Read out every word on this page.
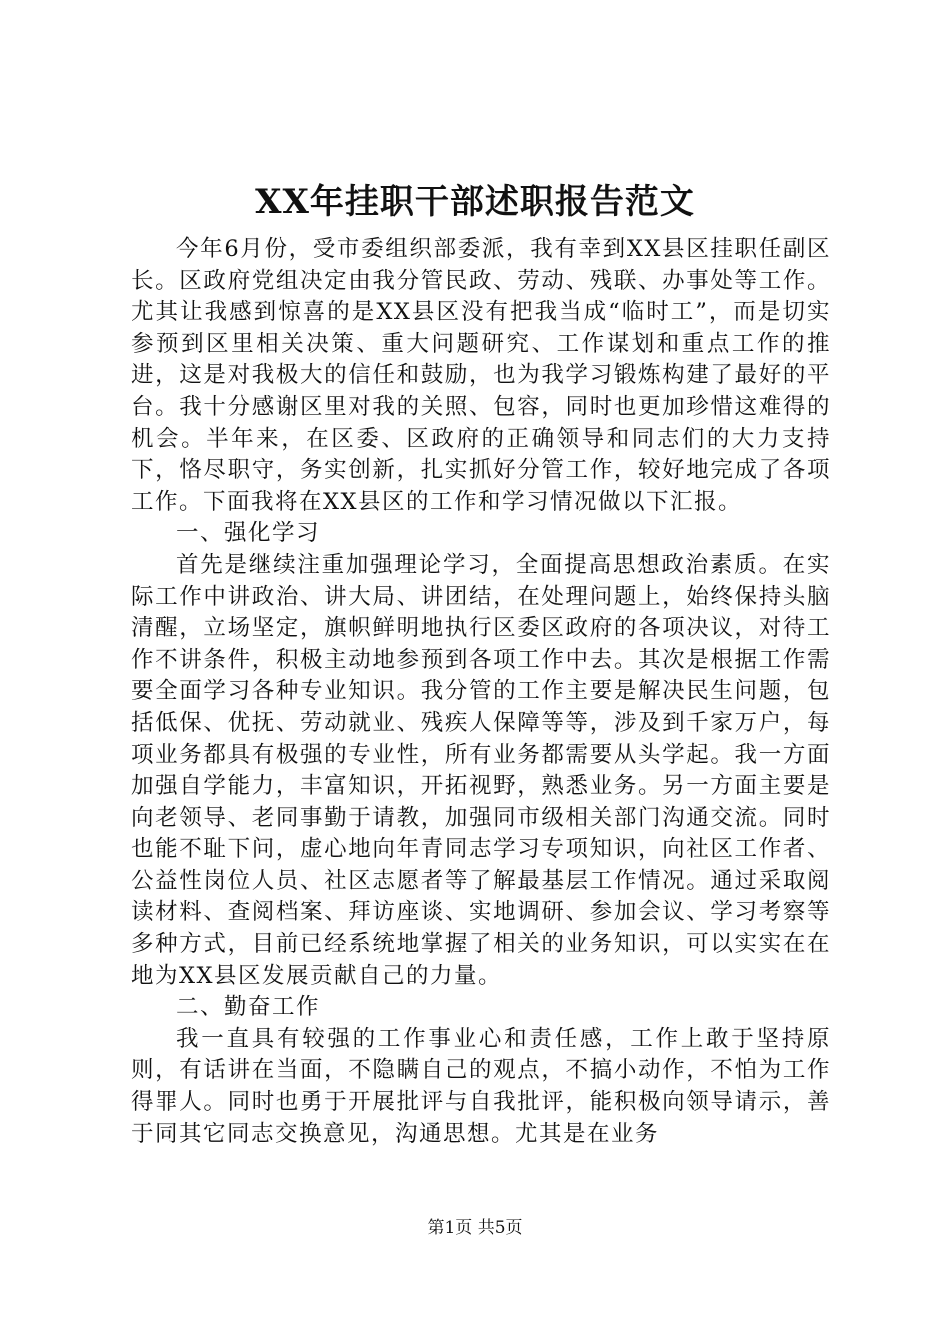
XX年挂职干部述职报告范文

今年6月份，受市委组织部委派，我有幸到XX县区挂职任副区长。区政府党组决定由我分管民政、劳动、残联、办事处等工作。尤其让我感到惊喜的是XX县区没有把我当成“临时工”，而是切实参预到区里相关决策、重大问题研究、工作谋划和重点工作的推进，这是对我极大的信任和鼓励，也为我学习锻炼构建了最好的平台。我十分感谢区里对我的关照、包容，同时也更加珍惜这难得的机会。半年来，在区委、区政府的正确领导和同志们的大力支持下，恪尽职守，务实创新，扎实抓好分管工作，较好地完成了各项工作。下面我将在XX县区的工作和学习情况做以下汇报。

一、强化学习

首先是继续注重加强理论学习，全面提高思想政治素质。在实际工作中讲政治、讲大局、讲团结，在处理问题上，始终保持头脑清醒，立场坚定，旗帜鲜明地执行区委区政府的各项决议，对待工作不讲条件，积极主动地参预到各项工作中去。其次是根据工作需要全面学习各种专业知识。我分管的工作主要是解决民生问题，包括低保、优抚、劳动就业、残疾人保障等等，涉及到千家万户，每项业务都具有极强的专业性，所有业务都需要从头学起。我一方面加强自学能力，丰富知识，开拓视野，熟悉业务。另一方面主要是向老领导、老同事勤于请教，加强同市级相关部门沟通交流。同时也能不耻下问，虚心地向年青同志学习专项知识，向社区工作者、公益性岗位人员、社区志愿者等了解最基层工作情况。通过采取阅读材料、查阅档案、拜访座谈、实地调研、参加会议、学习考察等多种方式，目前已经系统地掌握了相关的业务知识，可以实实在在地为XX县区发展贡献自己的力量。

二、勤奋工作

我一直具有较强的工作事业心和责任感，工作上敢于坚持原则，有话讲在当面，不隐瞒自己的观点，不搞小动作，不怕为工作得罪人。同时也勇于开展批评与自我批评，能积极向领导请示，善于同其它同志交换意见，沟通思想。尤其是在业务

第1页 共5页
